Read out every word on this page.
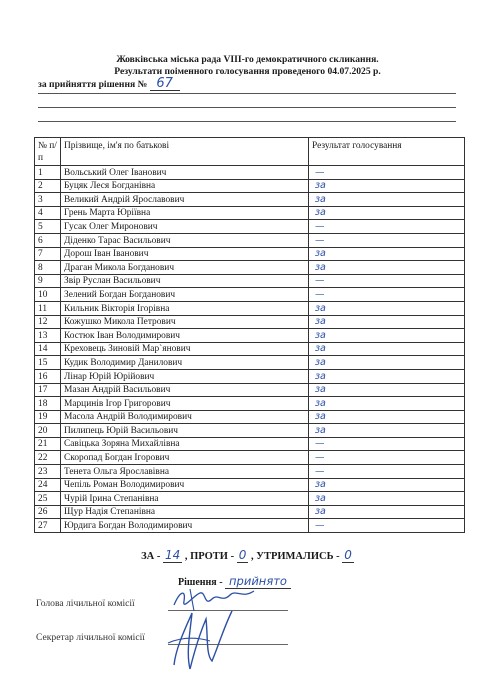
Жовківська міська рада VIII-го демократичного скликання.
Результати поіменного голосування проведеного 04.07.2025 р.
за прийняття рішення № 67
№ п/п	Прізвище, ім'я по батькові	Результат голосування
1	Вольський Олег Іванович	—
2	Буцяк Леся Богданівна	за
3	Великий Андрій Ярославович	за
4	Грень Марта Юріївна	за
5	Гусак Олег Миронович	—
6	Діденко Тарас Васильович	—
7	Дорош Іван Іванович	за
8	Драган Микола Богданович	за
9	Звір Руслан Васильович	—
10	Зелений Богдан Богданович	—
11	Кильник Вікторія Ігорівна	за
12	Кожушко Микола Петрович	за
13	Костюк Іван Володимирович	за
14	Креховець Зиновій Мар`янович	за
15	Кудик Володимир Данилович	за
16	Лінар Юрій Юрійович	за
17	Мазан Андрій Васильович	за
18	Марцинів Ігор Григорович	за
19	Масола Андрій Володимирович	за
20	Пилипець Юрій Васильович	за
21	Савіцька Зоряна Михайлівна	—
22	Скоропад Богдан Ігорович	—
23	Тенета Ольга Ярославівна	—
24	Чепіль Роман Володимирович	за
25	Чурій Ірина Степанівна	за
26	Щур Надія Степанівна	за
27	Юрдига Богдан Володимирович	—
ЗА - 14 , ПРОТИ - 0 , УТРИМАЛИСЬ - 0
Рішення - прийнято
Голова лічильної комісії
Секретар лічильної комісії
